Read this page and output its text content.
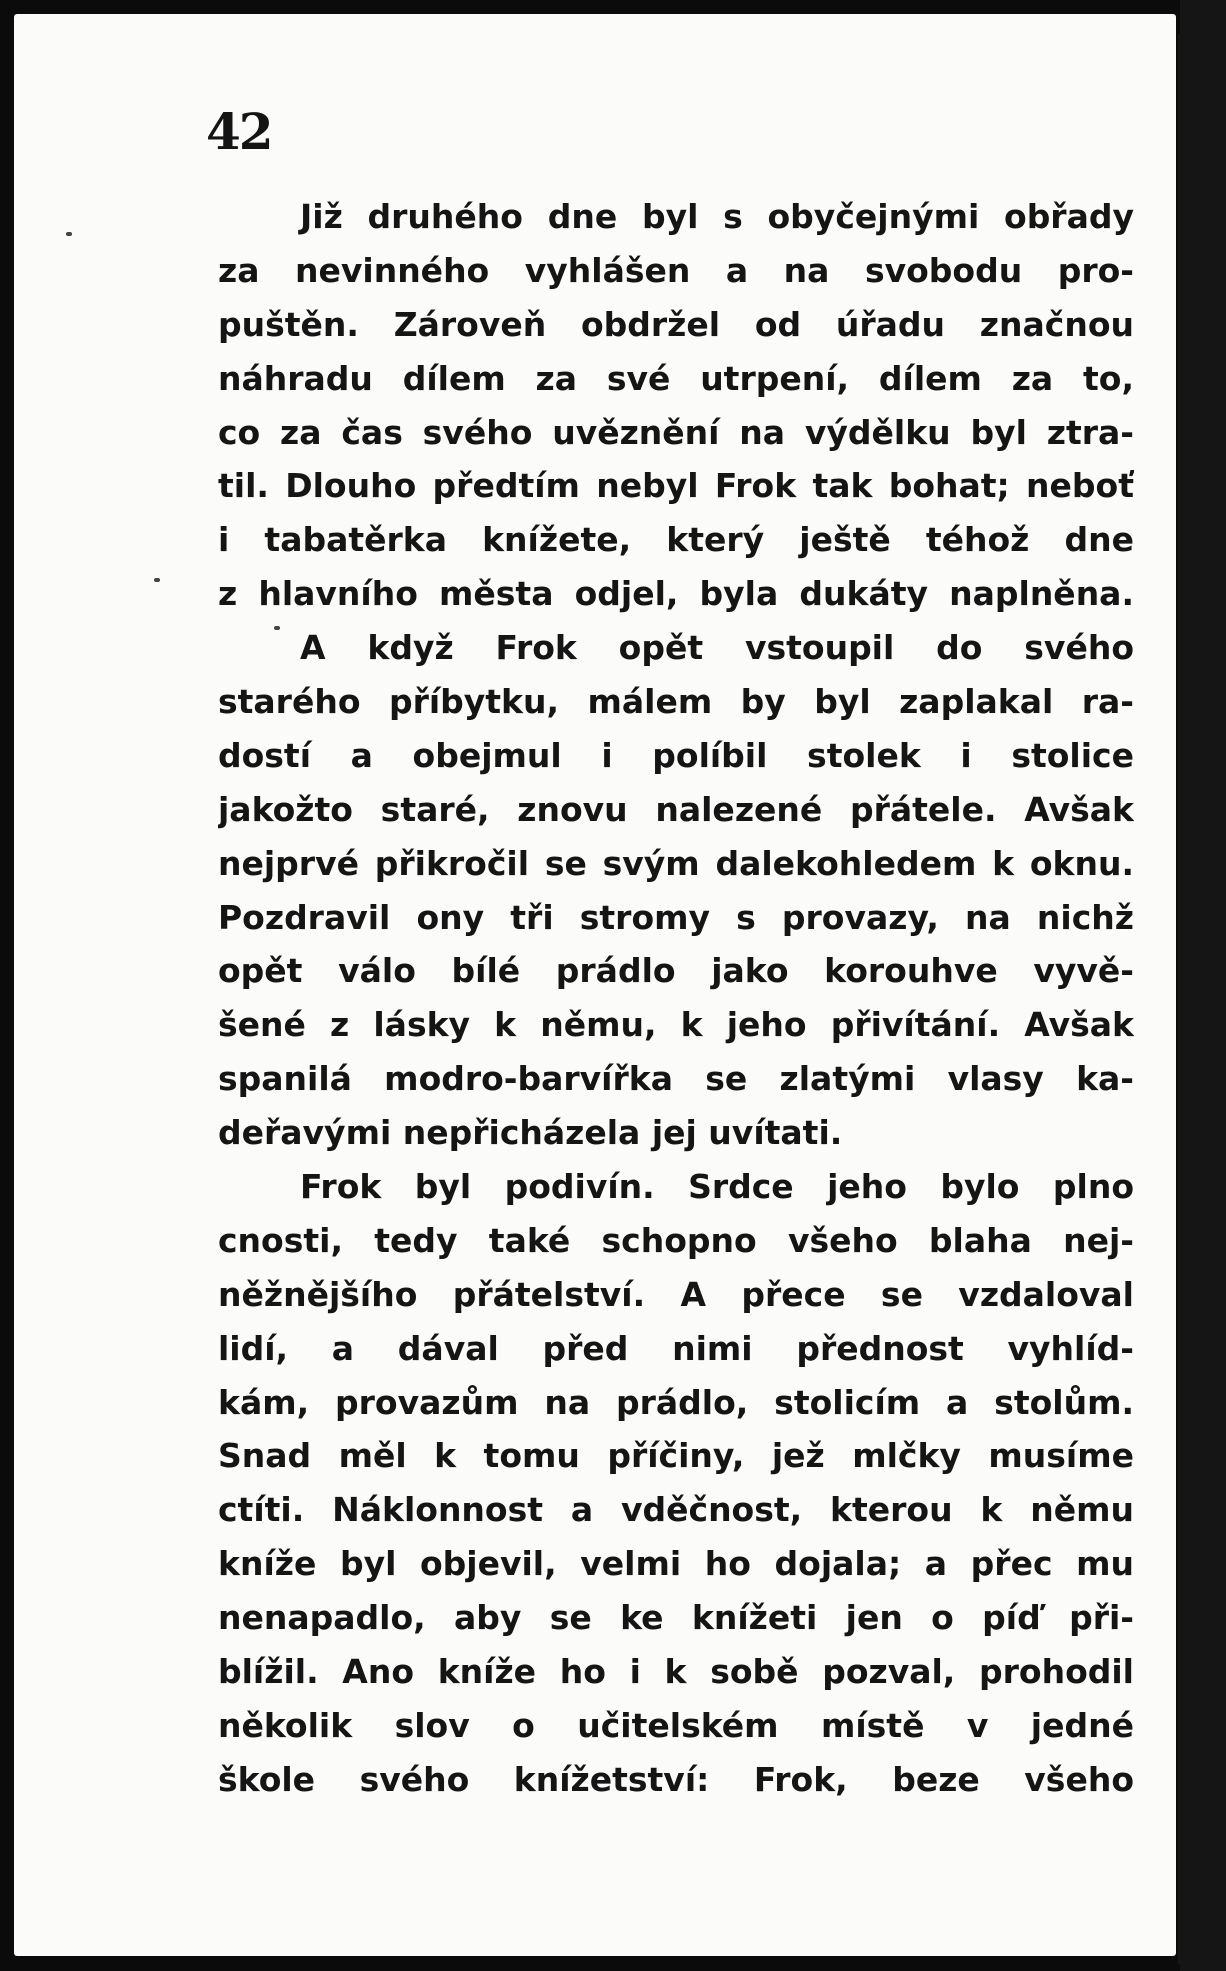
42
Již druhého dne byl s obyčejnými obřady
za nevinného vyhlášen a na svobodu pro-
puštěn. Zároveň obdržel od úřadu značnou
náhradu dílem za své utrpení, dílem za to,
co za čas svého uvěznění na výdělku byl ztra-
til. Dlouho předtím nebyl Frok tak bohat; neboť
i tabatěrka knížete, který ještě téhož dne
z hlavního města odjel, byla dukáty naplněna.
A když Frok opět vstoupil do svého
starého příbytku, málem by byl zaplakal ra-
dostí a obejmul i políbil stolek i stolice
jakožto staré, znovu nalezené přátele. Avšak
nejprvé přikročil se svým dalekohledem k oknu.
Pozdravil ony tři stromy s provazy, na nichž
opět válo bílé prádlo jako korouhve vyvě-
šené z lásky k němu, k jeho přivítání. Avšak
spanilá modro-barvířka se zlatými vlasy ka-
deřavými nepřicházela jej uvítati.
Frok byl podivín. Srdce jeho bylo plno
cnosti, tedy také schopno všeho blaha nej-
něžnějšího přátelství. A přece se vzdaloval
lidí, a dával před nimi přednost vyhlíd-
kám, provazům na prádlo, stolicím a stolům.
Snad měl k tomu příčiny, jež mlčky musíme
ctíti. Náklonnost a vděčnost, kterou k němu
kníže byl objevil, velmi ho dojala; a přec mu
nenapadlo, aby se ke knížeti jen o píď při-
blížil. Ano kníže ho i k sobě pozval, prohodil
několik slov o učitelském místě v jedné
škole svého knížetství: Frok, beze všeho
